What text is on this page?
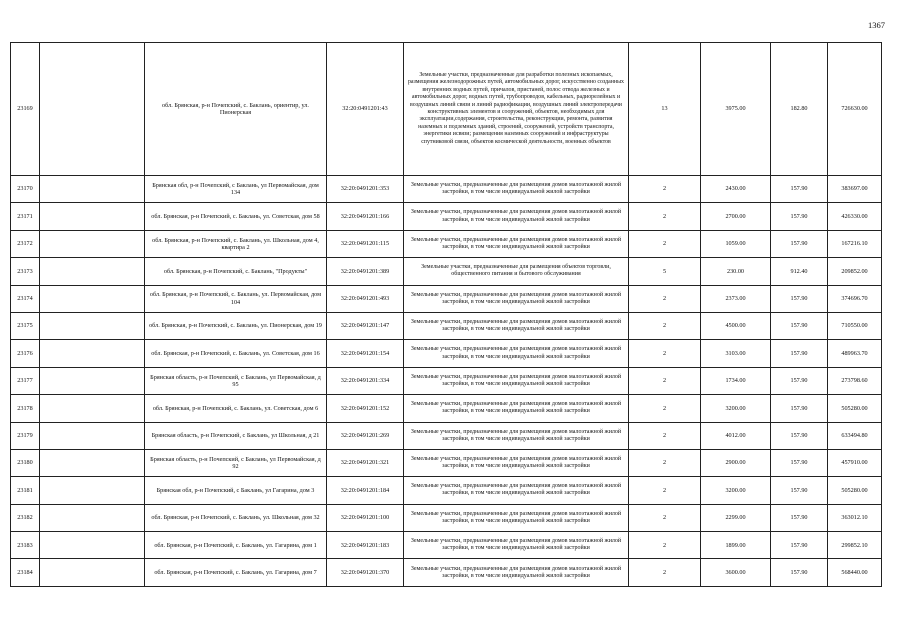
1367
23169		обл. Брянская, р-н Почепский, с. Баклань, ориентир, ул. Пионерская	32:20:0491201:43	Земельные участки, предназначенные для разработки полезных ископаемых, размещения железнодорожных путей, автомобильных дорог, искусственно созданных внутренних водных путей, причалов, пристаней, полос отвода железных и автомобильных дорог, водных путей, трубопроводов, кабельных, радиорелейных и воздушных линий связи и линий радиофикации, воздушных линий электропередачи конструктивных элементов и сооружений, объектов, необходимых для эксплуатации,содержания, строительства, реконструкции, ремонта, развития наземных и подземных зданий, строений, сооружений, устройств транспорта, энергетики исвязи; размещения наземных сооружений и инфраструктуры спутниковой связи, объектов космической деятельности, военных объектов	13	3975.00	182.80	726630.00
23170		Брянская обл, р-н Почепский, с Баклань, ул Первомайская, дом 134	32:20:0491201:353	Земельные участки, предназначенные для размещения домов малоэтажной жилой застройки, в том числе индивидуальной жилой застройки	2	2430.00	157.90	383697.00
23171		обл. Брянская, р-н Почепский, с. Баклань, ул. Советская, дом 58	32:20:0491201:166	Земельные участки, предназначенные для размещения домов малоэтажной жилой застройки, в том числе индивидуальной жилой застройки	2	2700.00	157.90	426330.00
23172		обл. Брянская, р-н Почепский, с. Баклань, ул. Школьная, дом 4, квартира 2	32:20:0491201:115	Земельные участки, предназначенные для размещения домов малоэтажной жилой застройки, в том числе индивидуальной жилой застройки	2	1059.00	157.90	167216.10
23173		обл. Брянская, р-н Почепский, с. Баклань, "Продукты"	32:20:0491201:389	Земельные участки, предназначенные для размещения объектов торговли, общественного питания и бытового обслуживания	5	230.00	912.40	209852.00
23174		обл. Брянская, р-н Почепский, с. Баклань, ул. Первомайская, дом 104	32:20:0491201:493	Земельные участки, предназначенные для размещения домов малоэтажной жилой застройки, в том числе индивидуальной жилой застройки	2	2373.00	157.90	374696.70
23175		обл. Брянская, р-н Почепский, с. Баклань, ул. Пионерская, дом 19	32:20:0491201:147	Земельные участки, предназначенные для размещения домов малоэтажной жилой застройки, в том числе индивидуальной жилой застройки	2	4500.00	157.90	710550.00
23176		обл. Брянская, р-н Почепский, с. Баклань, ул. Советская, дом 16	32:20:0491201:154	Земельные участки, предназначенные для размещения домов малоэтажной жилой застройки, в том числе индивидуальной жилой застройки	2	3103.00	157.90	489963.70
23177		Брянская область, р-н Почепский, с Баклань, ул Первомайская, д 95	32:20:0491201:334	Земельные участки, предназначенные для размещения домов малоэтажной жилой застройки, в том числе индивидуальной жилой застройки	2	1734.00	157.90	273798.60
23178		обл. Брянская, р-н Почепский, с. Баклань, ул. Советская, дом 6	32:20:0491201:152	Земельные участки, предназначенные для размещения домов малоэтажной жилой застройки, в том числе индивидуальной жилой застройки	2	3200.00	157.90	505280.00
23179		Брянская область, р-н Почепский, с Баклань, ул Школьная, д 21	32:20:0491201:269	Земельные участки, предназначенные для размещения домов малоэтажной жилой застройки, в том числе индивидуальной жилой застройки	2	4012.00	157.90	633494.80
23180		Брянская область, р-н Почепский, с Баклань, ул Первомайская, д 92	32:20:0491201:321	Земельные участки, предназначенные для размещения домов малоэтажной жилой застройки, в том числе индивидуальной жилой застройки	2	2900.00	157.90	457910.00
23181		Брянская обл, р-н Почепский, с Баклань, ул Гагарина, дом 3	32:20:0491201:184	Земельные участки, предназначенные для размещения домов малоэтажной жилой застройки, в том числе индивидуальной жилой застройки	2	3200.00	157.90	505280.00
23182		обл. Брянская, р-н Почепский, с. Баклань, ул. Школьная, дом 32	32:20:0491201:100	Земельные участки, предназначенные для размещения домов малоэтажной жилой застройки, в том числе индивидуальной жилой застройки	2	2299.00	157.90	363012.10
23183		обл. Брянская, р-н Почепский, с. Баклань, ул. Гагарина, дом 1	32:20:0491201:183	Земельные участки, предназначенные для размещения домов малоэтажной жилой застройки, в том числе индивидуальной жилой застройки	2	1899.00	157.90	299852.10
23184		обл. Брянская, р-н Почепский, с. Баклань, ул. Гагарина, дом 7	32:20:0491201:370	Земельные участки, предназначенные для размещения домов малоэтажной жилой застройки, в том числе индивидуальной жилой застройки	2	3600.00	157.90	568440.00
